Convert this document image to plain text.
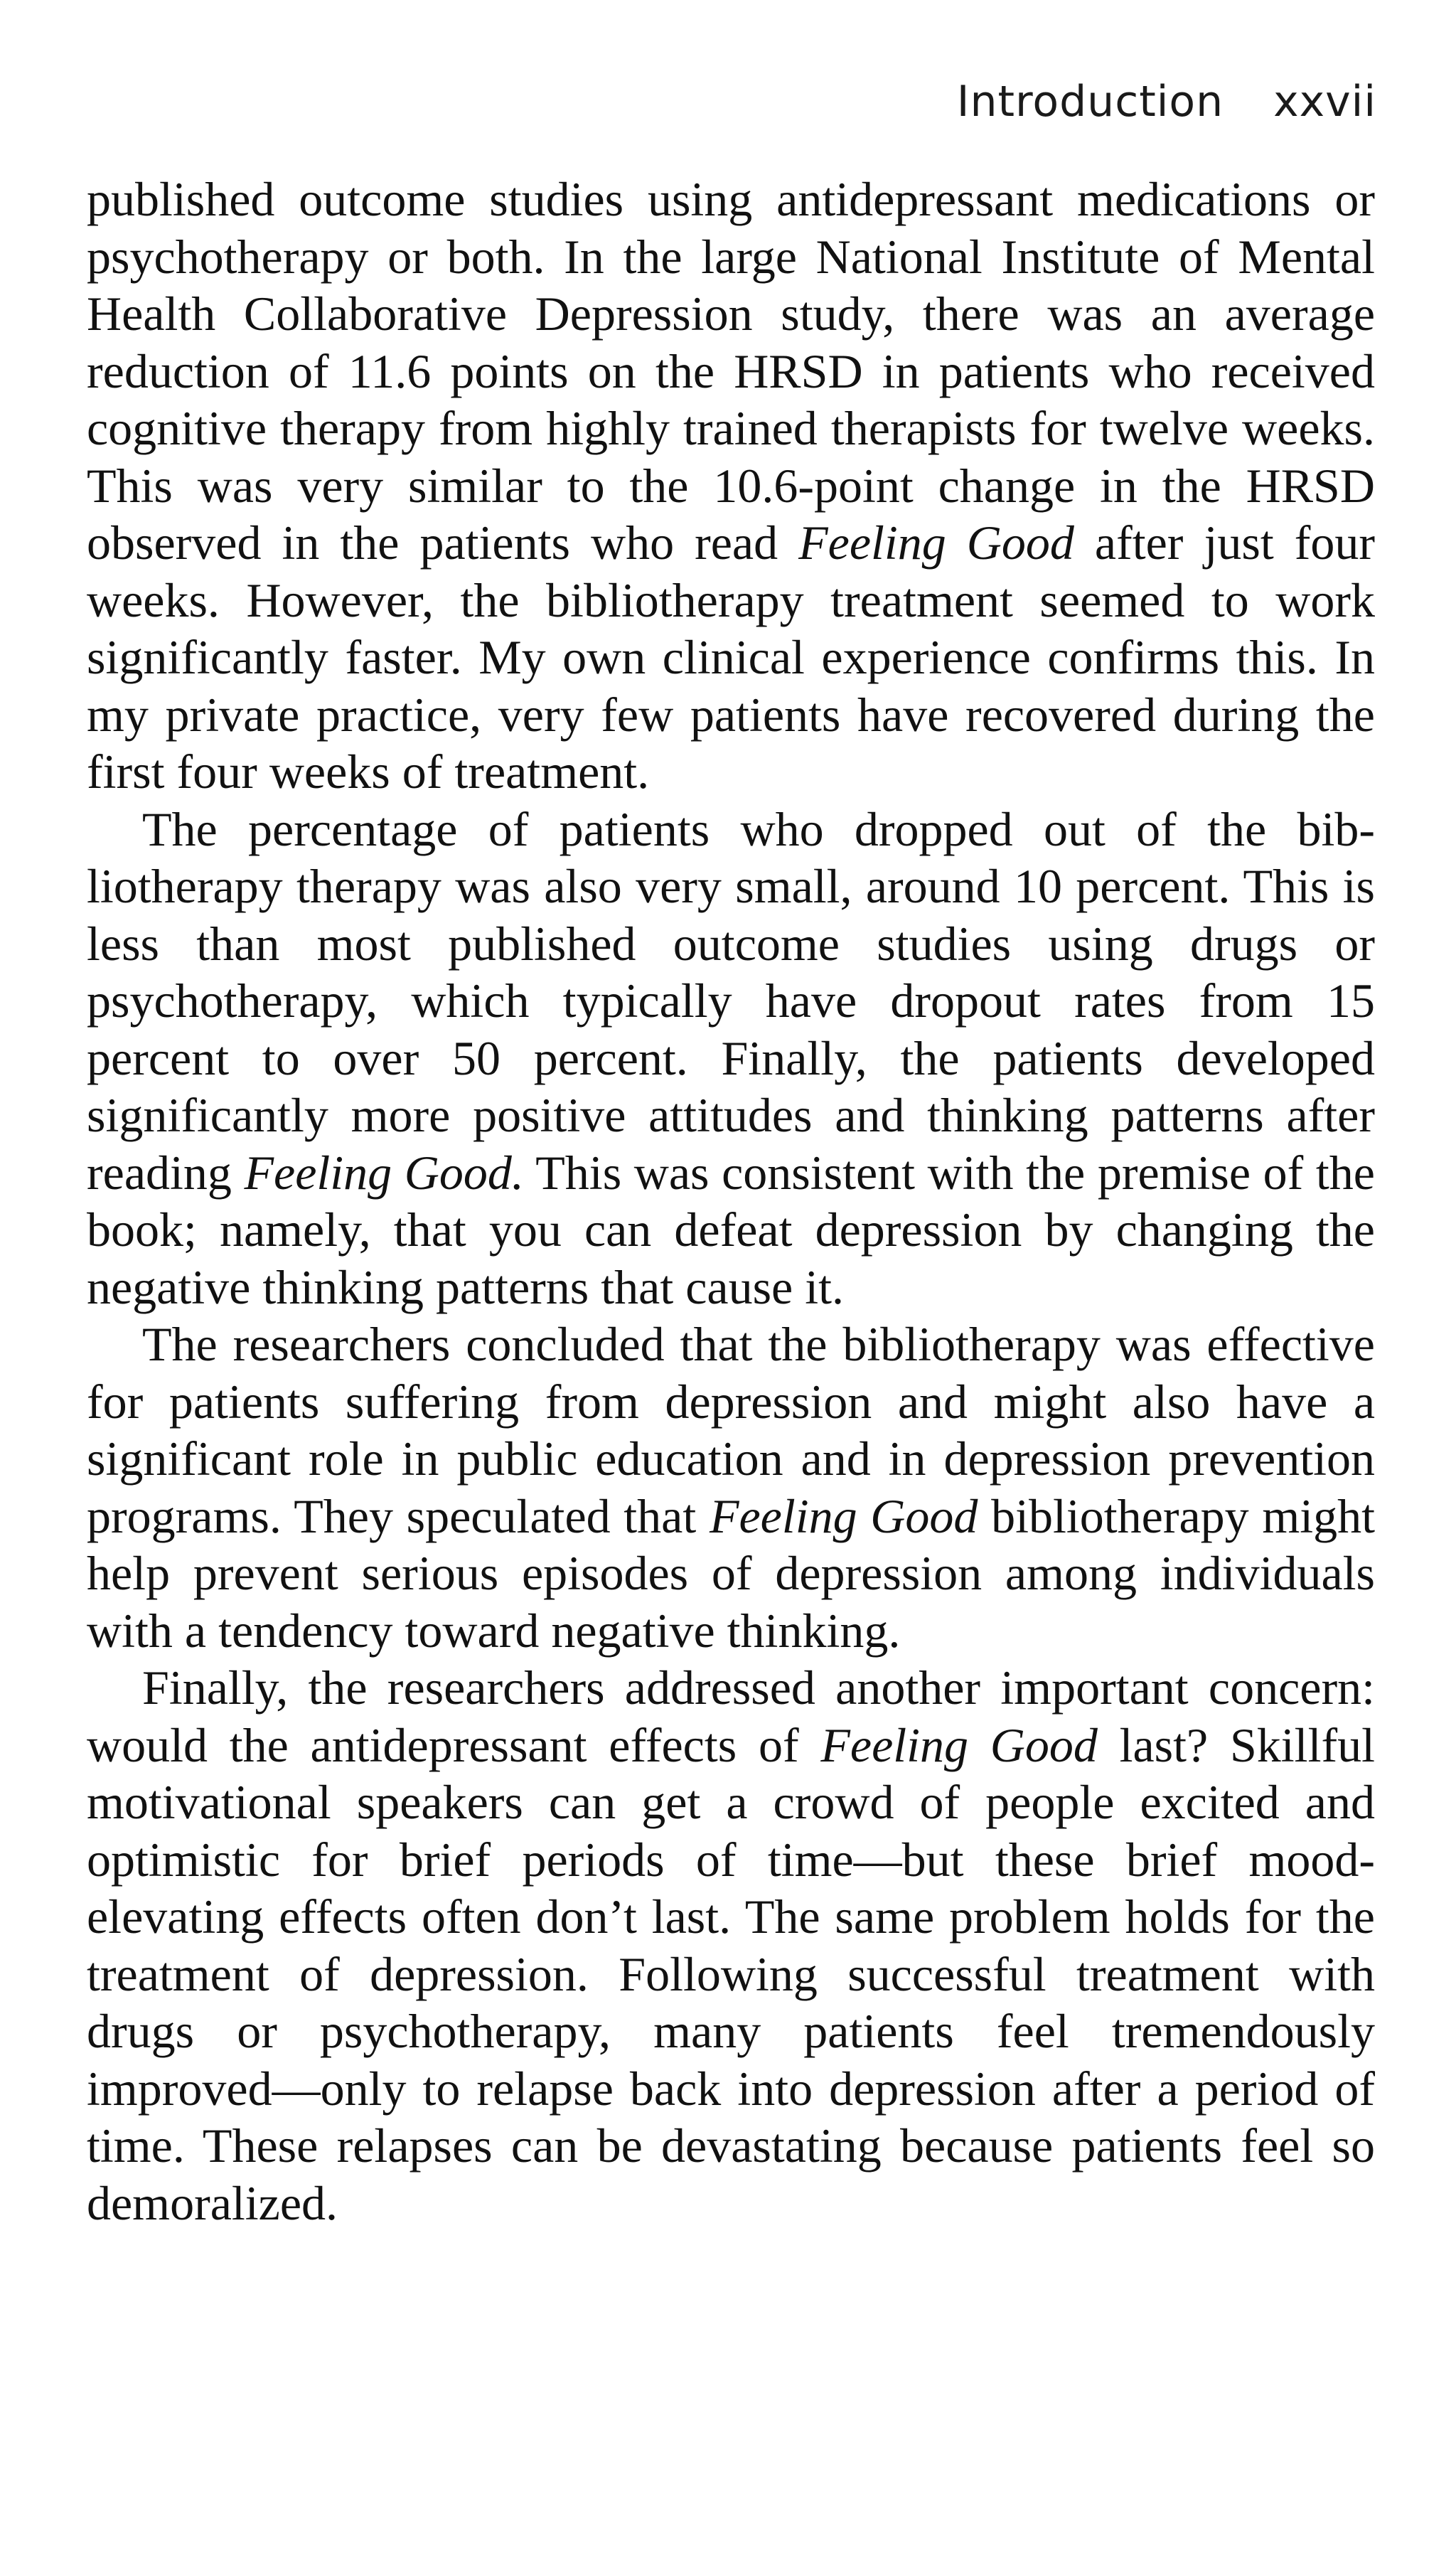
Introduction xxvii

published outcome studies using antidepressant medications or psychotherapy or both. In the large National Institute of Mental Health Collaborative Depression study, there was an average reduction of 11.6 points on the HRSD in patients who received cognitive therapy from highly trained therapists for twelve weeks. This was very similar to the 10.6-point change in the HRSD observed in the patients who read Feeling Good after just four weeks. However, the bibliotherapy treatment seemed to work significantly faster. My own clinical experience confirms this. In my private practice, very few patients have recovered during the first four weeks of treatment.

The percentage of patients who dropped out of the bibliotherapy therapy was also very small, around 10 percent. This is less than most published outcome studies using drugs or psychotherapy, which typically have dropout rates from 15 percent to over 50 percent. Finally, the patients developed significantly more positive attitudes and thinking patterns after reading Feeling Good. This was consistent with the premise of the book; namely, that you can defeat depression by changing the negative thinking patterns that cause it.

The researchers concluded that the bibliotherapy was effective for patients suffering from depression and might also have a significant role in public education and in depression prevention programs. They speculated that Feeling Good bibliotherapy might help prevent serious episodes of depression among individuals with a tendency toward negative thinking.

Finally, the researchers addressed another important concern: would the antidepressant effects of Feeling Good last? Skillful motivational speakers can get a crowd of people excited and optimistic for brief periods of time—but these brief mood-elevating effects often don’t last. The same problem holds for the treatment of depression. Following successful treatment with drugs or psychotherapy, many patients feel tremendously improved—only to relapse back into depression after a period of time. These relapses can be devastating because patients feel so demoralized.
